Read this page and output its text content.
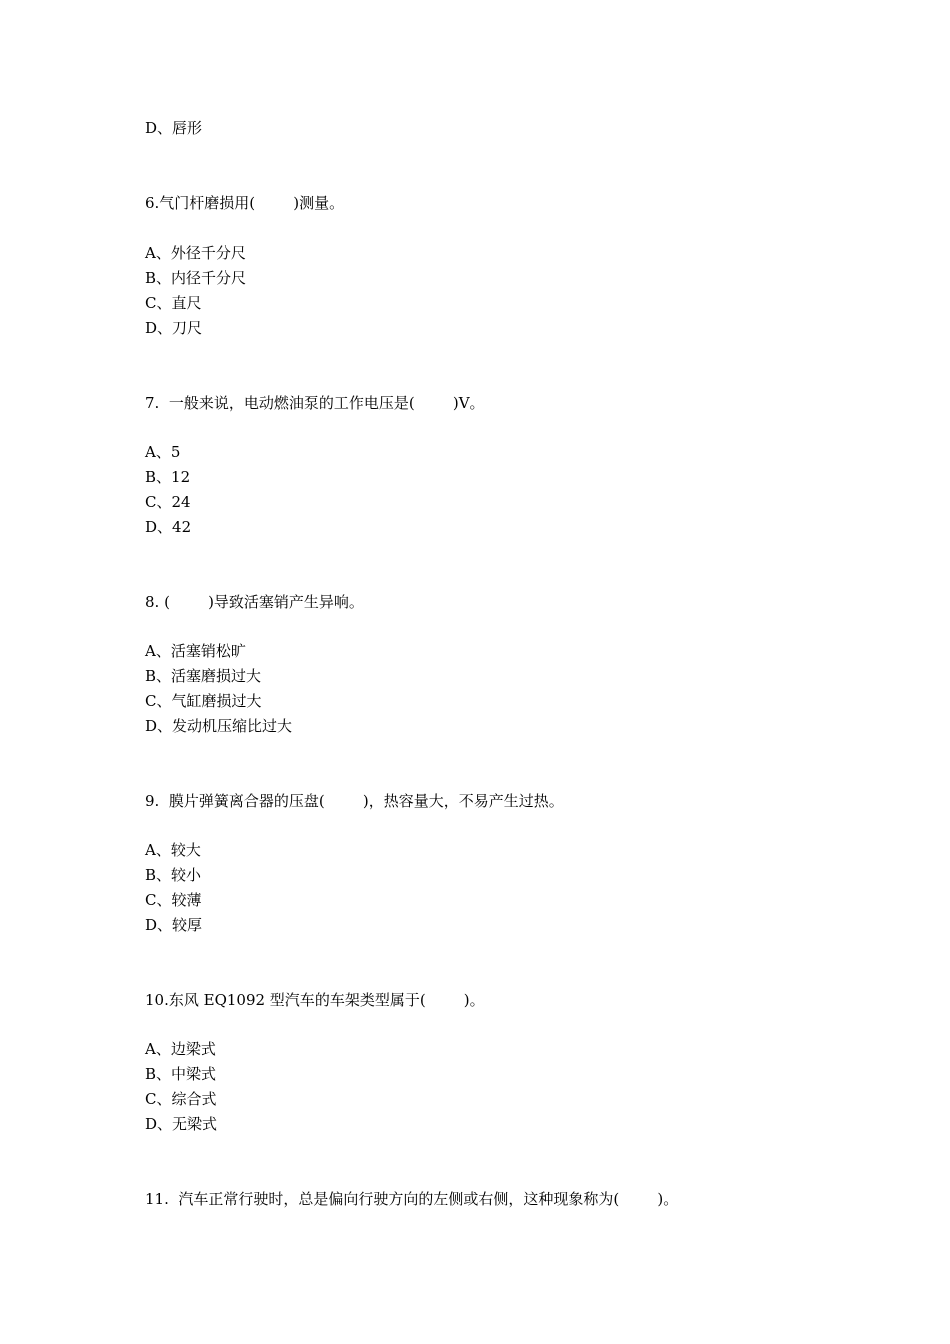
D、唇形
6.气门杆磨损用(        )测量。
A、外径千分尺
B、内径千分尺
C、直尺
D、刀尺
7.  一般来说，电动燃油泵的工作电压是(        )V。
A、5
B、12
C、24
D、42
8. (        )导致活塞销产生异响。
A、活塞销松旷
B、活塞磨损过大
C、气缸磨损过大
D、发动机压缩比过大
9.  膜片弹簧离合器的压盘(        )，热容量大，不易产生过热。
A、较大
B、较小
C、较薄
D、较厚
10.东风 EQ1092 型汽车的车架类型属于(        )。
A、边梁式
B、中梁式
C、综合式
D、无梁式
11.  汽车正常行驶时，总是偏向行驶方向的左侧或右侧，这种现象称为(        )。
